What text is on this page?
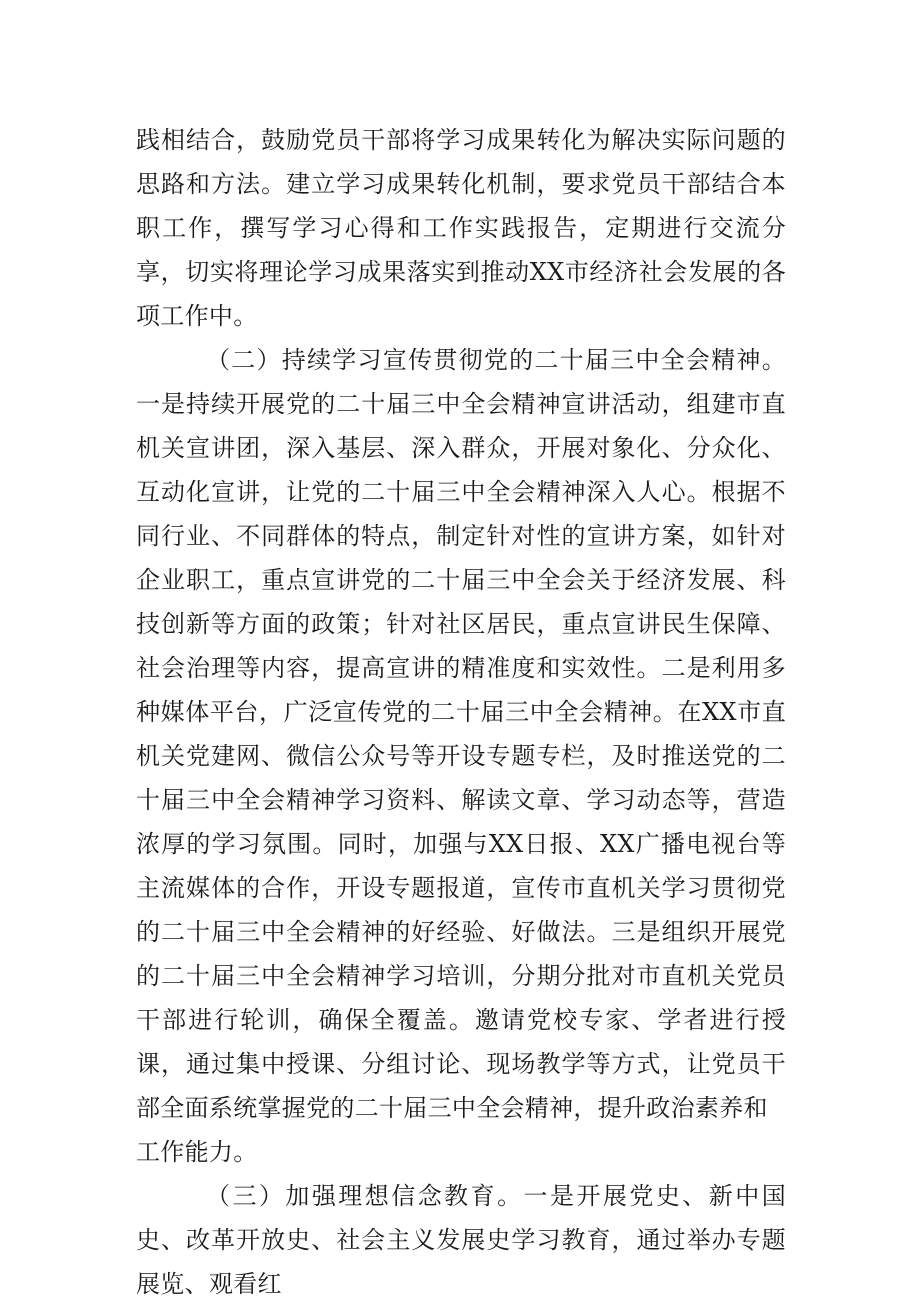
践相结合，鼓励党员干部将学习成果转化为解决实际问题的思路和方法。建立学习成果转化机制，要求党员干部结合本职工作，撰写学习心得和工作实践报告，定期进行交流分享，切实将理论学习成果落实到推动XX市经济社会发展的各项工作中。

（二）持续学习宣传贯彻党的二十届三中全会精神。一是持续开展党的二十届三中全会精神宣讲活动，组建市直机关宣讲团，深入基层、深入群众，开展对象化、分众化、互动化宣讲，让党的二十届三中全会精神深入人心。根据不同行业、不同群体的特点，制定针对性的宣讲方案，如针对企业职工，重点宣讲党的二十届三中全会关于经济发展、科技创新等方面的政策；针对社区居民，重点宣讲民生保障、社会治理等内容，提高宣讲的精准度和实效性。二是利用多种媒体平台，广泛宣传党的二十届三中全会精神。在XX市直机关党建网、微信公众号等开设专题专栏，及时推送党的二十届三中全会精神学习资料、解读文章、学习动态等，营造浓厚的学习氛围。同时，加强与XX日报、XX广播电视台等主流媒体的合作，开设专题报道，宣传市直机关学习贯彻党的二十届三中全会精神的好经验、好做法。三是组织开展党的二十届三中全会精神学习培训，分期分批对市直机关党员干部进行轮训，确保全覆盖。邀请党校专家、学者进行授课，通过集中授课、分组讨论、现场教学等方式，让党员干部全面系统掌握党的二十届三中全会精神，提升政治素养和

工作能力。

（三）加强理想信念教育。一是开展党史、新中国史、改革开放史、社会主义发展史学习教育，通过举办专题展览、观看红
